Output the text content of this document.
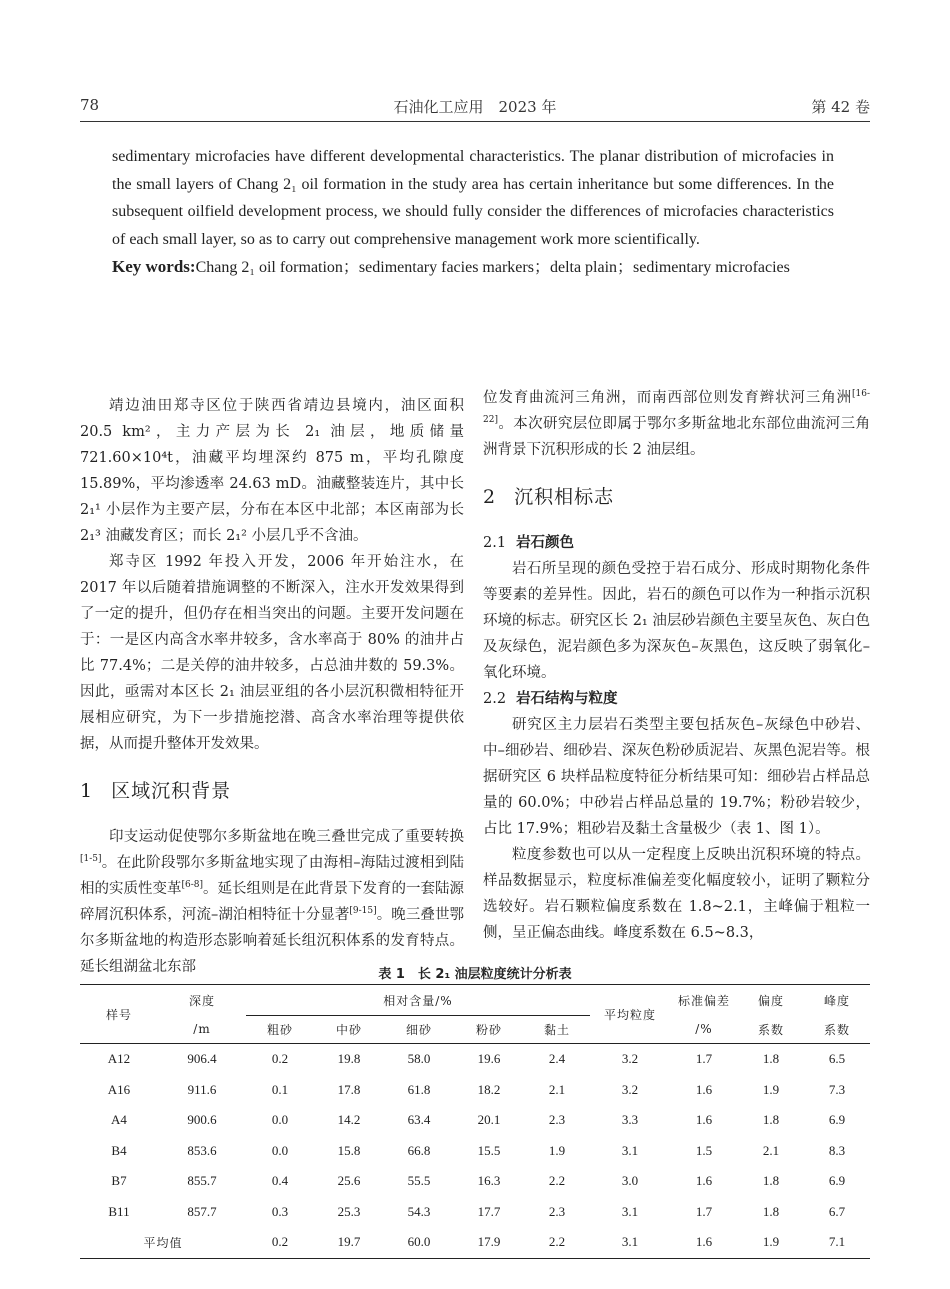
78	石油化工应用　2023 年	第 42 卷

sedimentary microfacies have different developmental characteristics. The planar distribution of microfacies in the small layers of Chang 2₁ oil formation in the study area has certain inheritance but some differences. In the subsequent oilfield development process, we should fully consider the differences of microfacies characteristics of each small layer, so as to carry out comprehensive management work more scientifically.

Key words:Chang 2₁ oil formation；sedimentary facies markers；delta plain；sedimentary microfacies

靖边油田郑寺区位于陕西省靖边县境内，油区面积 20.5 km²，主力产层为长 2₁ 油层，地质储量 721.60×10⁴t，油藏平均埋深约 875 m，平均孔隙度 15.89%，平均渗透率 24.63 mD。油藏整装连片，其中长 2₁¹ 小层作为主要产层，分布在本区中北部；本区南部为长 2₁³ 油藏发育区；而长 2₁² 小层几乎不含油。

郑寺区 1992 年投入开发，2006 年开始注水，在 2017 年以后随着措施调整的不断深入，注水开发效果得到了一定的提升，但仍存在相当突出的问题。主要开发问题在于：一是区内高含水率井较多，含水率高于 80% 的油井占比 77.4%；二是关停的油井较多，占总油井数的 59.3%。因此，亟需对本区长 2₁ 油层亚组的各小层沉积微相特征开展相应研究，为下一步措施挖潜、高含水率治理等提供依据，从而提升整体开发效果。

1 区域沉积背景

印支运动促使鄂尔多斯盆地在晚三叠世完成了重要转换[1-5]。在此阶段鄂尔多斯盆地实现了由海相–海陆过渡相到陆相的实质性变革[6-8]。延长组则是在此背景下发育的一套陆源碎屑沉积体系，河流–湖泊相特征十分显著[9-15]。晚三叠世鄂尔多斯盆地的构造形态影响着延长组沉积体系的发育特点。延长组湖盆北东部

位发育曲流河三角洲，而南西部位则发育辫状河三角洲[16-22]。本次研究层位即属于鄂尔多斯盆地北东部位曲流河三角洲背景下沉积形成的长 2 油层组。

2 沉积相标志
2.1 岩石颜色

岩石所呈现的颜色受控于岩石成分、形成时期物化条件等要素的差异性。因此，岩石的颜色可以作为一种指示沉积环境的标志。研究区长 2₁ 油层砂岩颜色主要呈灰色、灰白色及灰绿色，泥岩颜色多为深灰色–灰黑色，这反映了弱氧化–氧化环境。

2.2 岩石结构与粒度

研究区主力层岩石类型主要包括灰色–灰绿色中砂岩、中–细砂岩、细砂岩、深灰色粉砂质泥岩、灰黑色泥岩等。根据研究区 6 块样品粒度特征分析结果可知：细砂岩占样品总量的 60.0%；中砂岩占样品总量的 19.7%；粉砂岩较少，占比 17.9%；粗砂岩及黏土含量极少（表 1、图 1）。

粒度参数也可以从一定程度上反映出沉积环境的特点。样品数据显示，粒度标准偏差变化幅度较小，证明了颗粒分选较好。岩石颗粒偏度系数在 1.8~2.1，主峰偏于粗粒一侧，呈正偏态曲线。峰度系数在 6.5~8.3，

表 1　长 2₁ 油层粒度统计分析表
样号	深度	相对含量/%					平均粒度	标准偏差	偏度	峰度
	/m	粗砂	中砂	细砂	粉砂	黏土		/%	系数	系数
A12	906.4	0.2	19.8	58.0	19.6	2.4	3.2	1.7	1.8	6.5
A16	911.6	0.1	17.8	61.8	18.2	2.1	3.2	1.6	1.9	7.3
A4	900.6	0.0	14.2	63.4	20.1	2.3	3.3	1.6	1.8	6.9
B4	853.6	0.0	15.8	66.8	15.5	1.9	3.1	1.5	2.1	8.3
B7	855.7	0.4	25.6	55.5	16.3	2.2	3.0	1.6	1.8	6.9
B11	857.7	0.3	25.3	54.3	17.7	2.3	3.1	1.7	1.8	6.7
平均值		0.2	19.7	60.0	17.9	2.2	3.1	1.6	1.9	7.1
